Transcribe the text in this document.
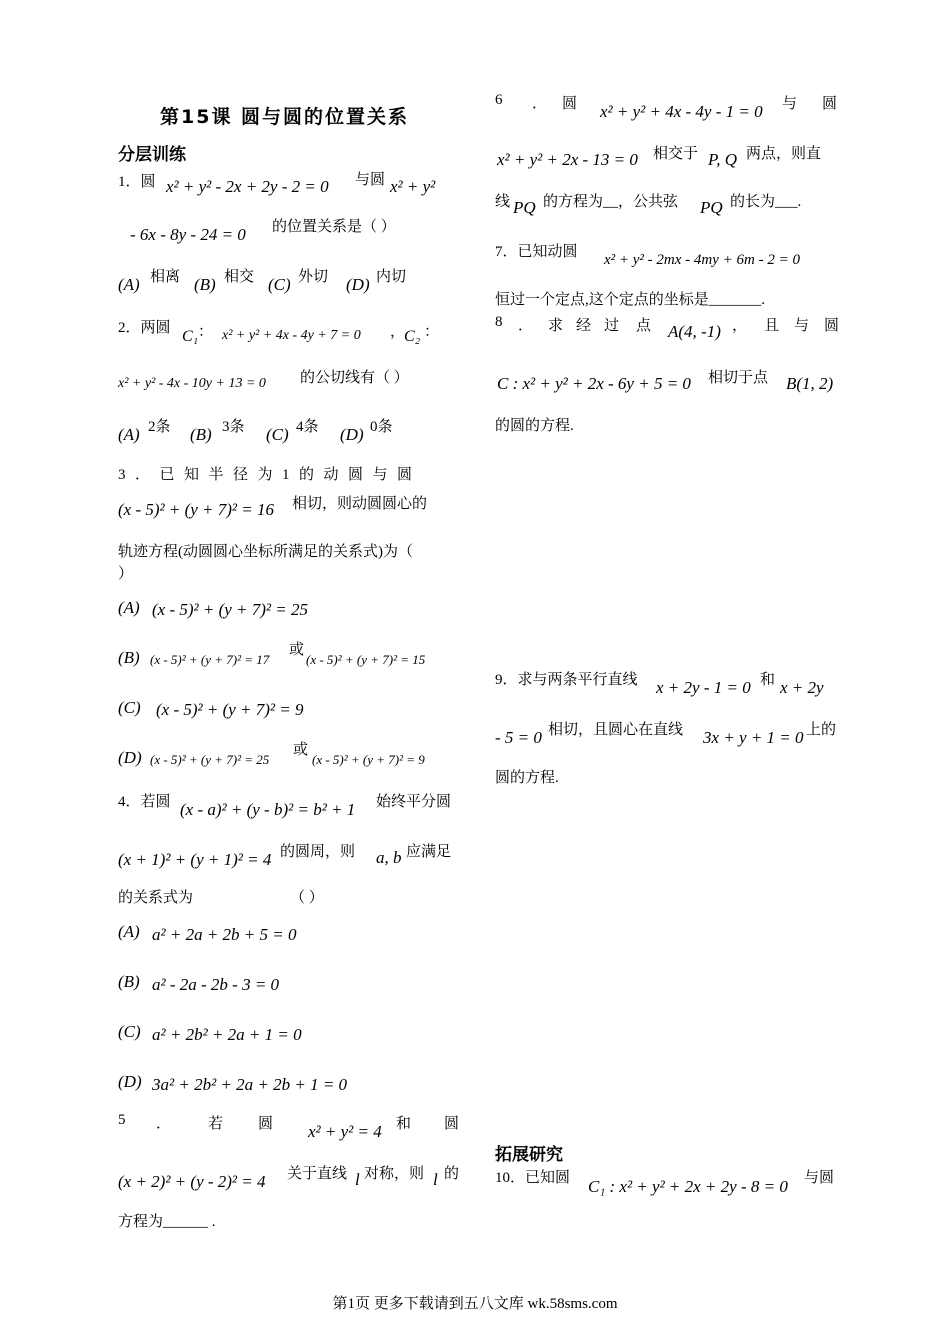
第15课 圆与圆的位置关系
分层训练
1．圆 x² + y² - 2x + 2y - 2 = 0 与圆 x² + y²
- 6x - 8y - 24 = 0 的位置关系是（ ）
(A) 相离 (B) 相交 (C) 外切 (D) 内切
2．两圆 C₁ ： x² + y² + 4x - 4y + 7 = 0 ，
C₂ ：
x² + y² - 4x - 10y + 13 = 0 的公切线有（ ）
(A) 2条 (B) 3条 (C) 4条 (D) 0条
3．已知半径为1的动圆与圆
(x - 5)² + (y + 7)² = 16 相切，则动圆圆心的
轨迹方程(动圆圆心坐标所满足的关系式)为（
）
(A) (x - 5)² + (y + 7)² = 25
(B) (x - 5)² + (y + 7)² = 17
或
(x - 5)² + (y + 7)² = 15
(C) (x - 5)² + (y + 7)² = 9
(D) (x - 5)² + (y + 7)² = 25
或
(x - 5)² + (y + 7)² = 9
4．若圆 (x - a)² + (y - b)² = b² + 1 始终平分圆
(x + 1)² + (y + 1)² = 4 的圆周，则 a, b 应满足
的关系式为	（ ）
(A) a² + 2a + 2b + 5 = 0
(B) a² - 2a - 2b - 3 = 0
(C) a² + 2b² + 2a + 1 = 0
(D) 3a² + 2b² + 2a + 2b + 1 = 0
5 ． 若 圆 x² + y² = 4 和 圆
(x + 2)² + (y - 2)² = 4 关于直线 l 对称，则 l 的
方程为______ .
6 ． 圆 x² + y² + 4x - 4y - 1 = 0 与 圆
x² + y² + 2x - 13 = 0 相交于 P, Q 两点，则直
线 PQ 的方程为__，公共弦 PQ 的长为___.
7．已知动圆 x² + y² - 2mx - 4my + 6m - 2 = 0
恒过一个定点,这个定点的坐标是_______.
8 ． 求 经 过 点 A(4, -1) ， 且 与 圆
C : x² + y² + 2x - 6y + 5 = 0 相切于点 B(1, 2)
的圆的方程.
9．求与两条平行直线 x + 2y - 1 = 0 和 x + 2y
- 5 = 0 相切，且圆心在直线 3x + y + 1 = 0 上的
圆的方程.
拓展研究
10．已知圆 C₁ : x² + y² + 2x + 2y - 8 = 0 与圆
第1页 更多下载请到五八文库 wk.58sms.com
